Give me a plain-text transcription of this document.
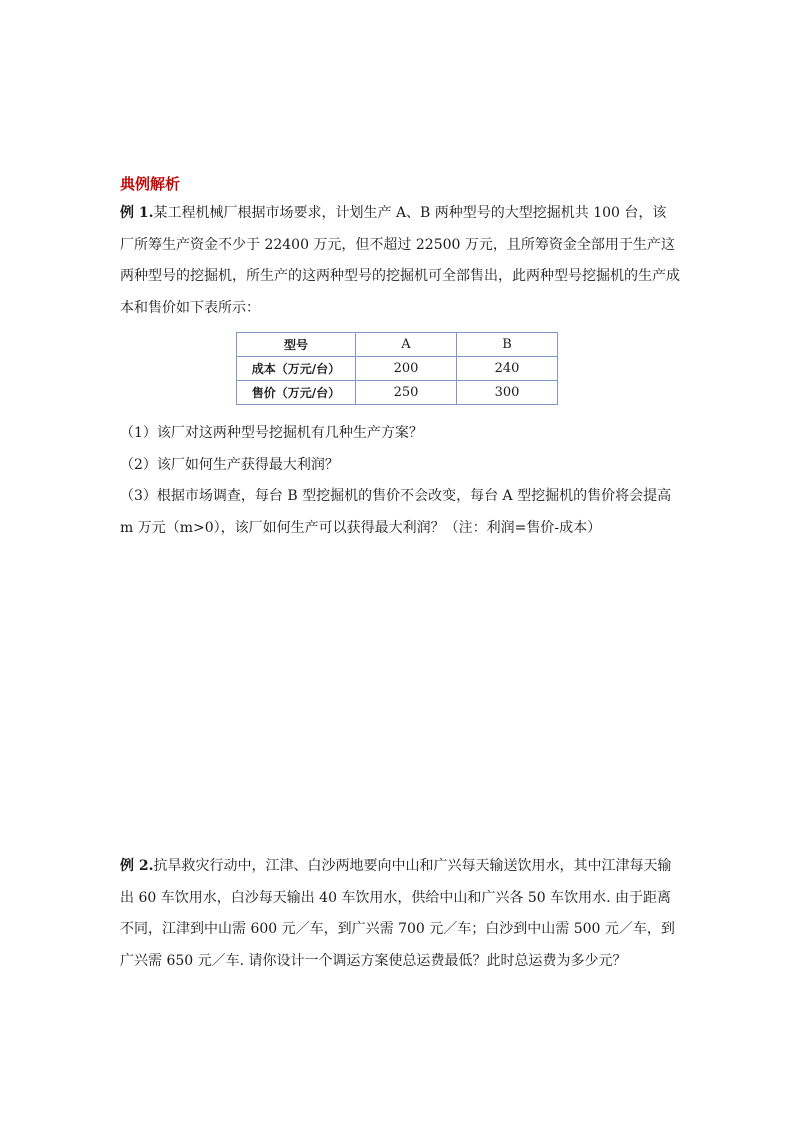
典例解析

例 1.某工程机械厂根据市场要求，计划生产 A、B 两种型号的大型挖掘机共 100 台，该厂所筹生产资金不少于 22400 万元，但不超过 22500 万元，且所筹资金全部用于生产这两种型号的挖掘机，所生产的这两种型号的挖掘机可全部售出，此两种型号挖掘机的生产成本和售价如下表所示：

型号	A	B
成本（万元/台）	200	240
售价（万元/台）	250	300

（1）该厂对这两种型号挖掘机有几种生产方案？

（2）该厂如何生产获得最大利润？

（3）根据市场调查，每台 B 型挖掘机的售价不会改变，每台 A 型挖掘机的售价将会提高 m 万元（m>0），该厂如何生产可以获得最大利润？（注：利润=售价-成本）

例 2.抗旱救灾行动中，江津、白沙两地要向中山和广兴每天输送饮用水，其中江津每天输出 60 车饮用水，白沙每天输出 40 车饮用水，供给中山和广兴各 50 车饮用水. 由于距离不同，江津到中山需 600 元／车，到广兴需 700 元／车；白沙到中山需 500 元／车，到广兴需 650 元／车. 请你设计一个调运方案使总运费最低？此时总运费为多少元？
